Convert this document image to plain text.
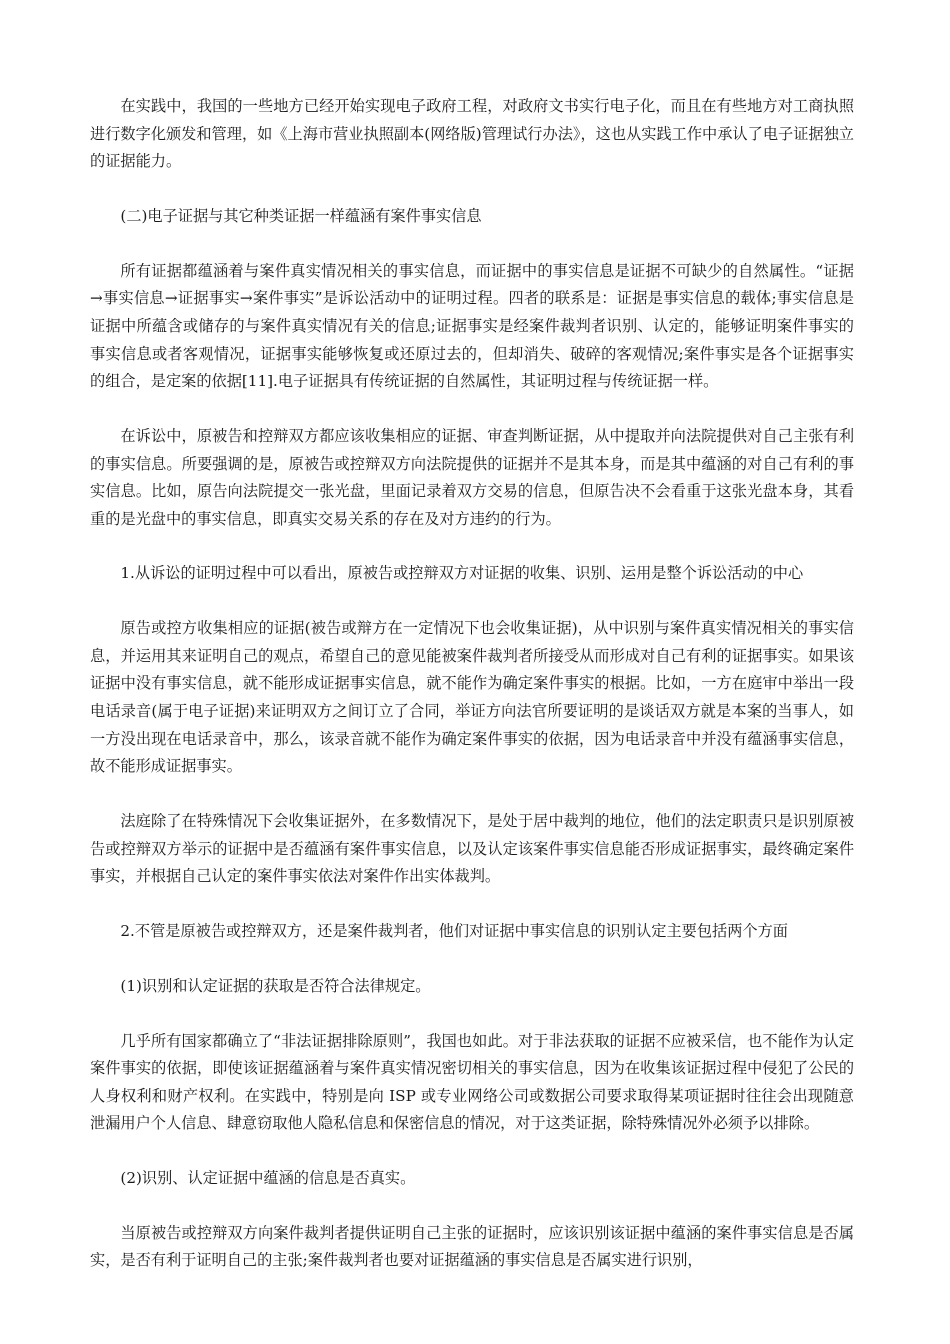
在实践中，我国的一些地方已经开始实现电子政府工程，对政府文书实行电子化，而且在有些地方对工商执照进行数字化颁发和管理，如《上海市营业执照副本(网络版)管理试行办法》，这也从实践工作中承认了电子证据独立的证据能力。

(二)电子证据与其它种类证据一样蕴涵有案件事实信息

所有证据都蕴涵着与案件真实情况相关的事实信息，而证据中的事实信息是证据不可缺少的自然属性。“证据→事实信息→证据事实→案件事实”是诉讼活动中的证明过程。四者的联系是：证据是事实信息的载体;事实信息是证据中所蕴含或储存的与案件真实情况有关的信息;证据事实是经案件裁判者识别、认定的，能够证明案件事实的事实信息或者客观情况，证据事实能够恢复或还原过去的，但却消失、破碎的客观情况;案件事实是各个证据事实的组合，是定案的依据[11].电子证据具有传统证据的自然属性，其证明过程与传统证据一样。

在诉讼中，原被告和控辩双方都应该收集相应的证据、审查判断证据，从中提取并向法院提供对自己主张有利的事实信息。所要强调的是，原被告或控辩双方向法院提供的证据并不是其本身，而是其中蕴涵的对自己有利的事实信息。比如，原告向法院提交一张光盘，里面记录着双方交易的信息，但原告决不会看重于这张光盘本身，其看重的是光盘中的事实信息，即真实交易关系的存在及对方违约的行为。

1.从诉讼的证明过程中可以看出，原被告或控辩双方对证据的收集、识别、运用是整个诉讼活动的中心

原告或控方收集相应的证据(被告或辩方在一定情况下也会收集证据)，从中识别与案件真实情况相关的事实信息，并运用其来证明自己的观点，希望自己的意见能被案件裁判者所接受从而形成对自己有利的证据事实。如果该证据中没有事实信息，就不能形成证据事实信息，就不能作为确定案件事实的根据。比如，一方在庭审中举出一段电话录音(属于电子证据)来证明双方之间订立了合同，举证方向法官所要证明的是谈话双方就是本案的当事人，如一方没出现在电话录音中，那么，该录音就不能作为确定案件事实的依据，因为电话录音中并没有蕴涵事实信息，故不能形成证据事实。

法庭除了在特殊情况下会收集证据外，在多数情况下，是处于居中裁判的地位，他们的法定职责只是识别原被告或控辩双方举示的证据中是否蕴涵有案件事实信息，以及认定该案件事实信息能否形成证据事实，最终确定案件事实，并根据自己认定的案件事实依法对案件作出实体裁判。

2.不管是原被告或控辩双方，还是案件裁判者，他们对证据中事实信息的识别认定主要包括两个方面

(1)识别和认定证据的获取是否符合法律规定。

几乎所有国家都确立了“非法证据排除原则”，我国也如此。对于非法获取的证据不应被采信，也不能作为认定案件事实的依据，即使该证据蕴涵着与案件真实情况密切相关的事实信息，因为在收集该证据过程中侵犯了公民的人身权利和财产权利。在实践中，特别是向 ISP 或专业网络公司或数据公司要求取得某项证据时往往会出现随意泄漏用户个人信息、肆意窃取他人隐私信息和保密信息的情况，对于这类证据，除特殊情况外必须予以排除。

(2)识别、认定证据中蕴涵的信息是否真实。

当原被告或控辩双方向案件裁判者提供证明自己主张的证据时，应该识别该证据中蕴涵的案件事实信息是否属实，是否有利于证明自己的主张;案件裁判者也要对证据蕴涵的事实信息是否属实进行识别，
